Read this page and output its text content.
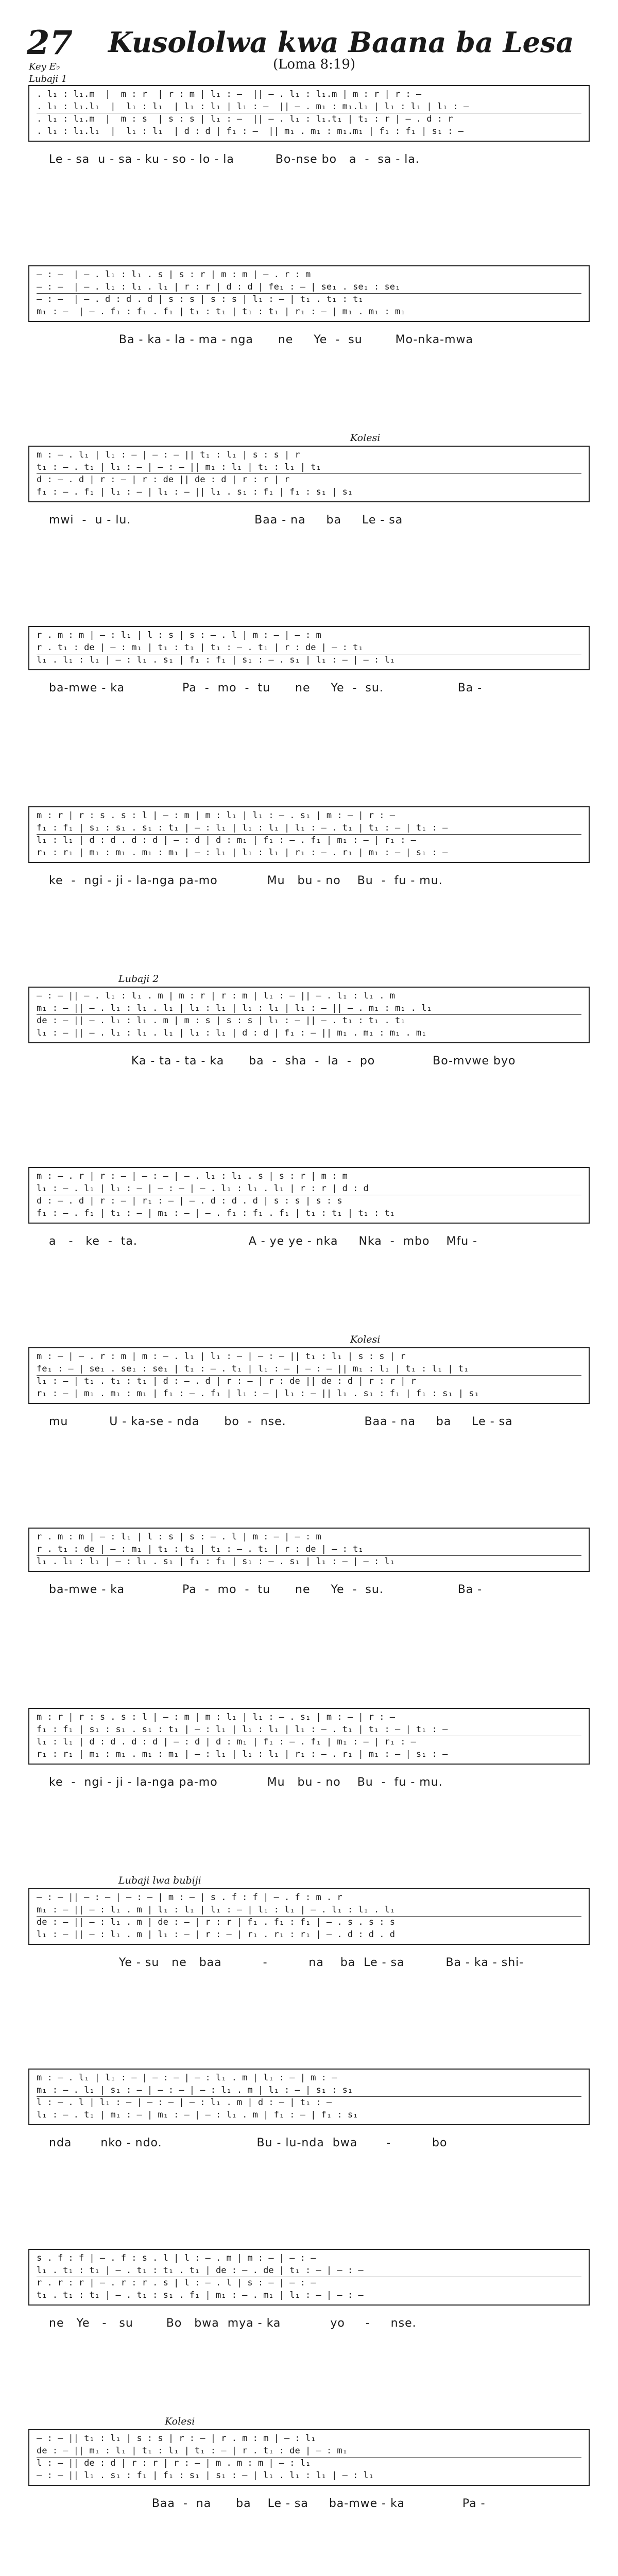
27 Kusololwa kwa Baana ba Lesa
(Loma 8:19)
Key E♭
Lubaji 1
. l₁ : l₁.m  |  m : r  | r : m | l₁ : —  || — . l₁ : l₁.m | m : r | r : —
. l₁ : l₁.l₁  |  l₁ : l₁  | l₁ : l₁ | l₁ : —  || — . m₁ : m₁.l₁ | l₁ : l₁ | l₁ : —
. l₁ : l₁.m  |  m : s  | s : s | l₁ : —  || — . l₁ : l₁.t₁ | t₁ : r | — . d : r
. l₁ : l₁.l₁  |  l₁ : l₁  | d : d | f₁ : —  || m₁ . m₁ : m₁.m₁ | f₁ : f₁ | s₁ : —
Le - sa  u - sa - ku - so - lo - la          Bo-nse bo   a  -  sa - la.
— : —  | — . l₁ : l₁ . s | s : r | m : m | — . r : m
— : —  | — . l₁ : l₁ . l₁ | r : r | d : d | fe₁ : — | se₁ . se₁ : se₁
— : —  | — . d : d . d | s : s | s : s | l₁ : — | t₁ . t₁ : t₁
m₁ : —  | — . f₁ : f₁ . f₁ | t₁ : t₁ | t₁ : t₁ | r₁ : — | m₁ . m₁ : m₁
Ba - ka - la - ma - nga      ne     Ye  -  su        Mo-nka-mwa
Kolesi
m : — . l₁ | l₁ : — | — : — || t₁ : l₁ | s : s | r
t₁ : — . t₁ | l₁ : — | — : — || m₁ : l₁ | t₁ : l₁ | t₁
d : — . d | r : — | r : de || de : d | r : r | r
f₁ : — . f₁ | l₁ : — | l₁ : — || l₁ . s₁ : f₁ | f₁ : s₁ | s₁
mwi  -  u - lu.                              Baa - na     ba     Le - sa
r . m : m | — : l₁ | l : s | s : — . l | m : — | — : m
r . t₁ : de | — : m₁ | t₁ : t₁ | t₁ : — . t₁ | r : de | — : t₁
l₁ . l₁ : l₁ | — : l₁ . s₁ | f₁ : f₁ | s₁ : — . s₁ | l₁ : — | — : l₁
ba-mwe - ka              Pa  -  mo  -  tu      ne     Ye  -  su.                  Ba -
m : r | r : s . s : l | — : m | m : l₁ | l₁ : — . s₁ | m : — | r : —
f₁ : f₁ | s₁ : s₁ . s₁ : t₁ | — : l₁ | l₁ : l₁ | l₁ : — . t₁ | t₁ : — | t₁ : —
l₁ : l₁ | d : d . d : d | — : d | d : m₁ | f₁ : — . f₁ | m₁ : — | r₁ : —
r₁ : r₁ | m₁ : m₁ . m₁ : m₁ | — : l₁ | l₁ : l₁ | r₁ : — . r₁ | m₁ : — | s₁ : —
ke  -  ngi - ji - la-nga pa-mo            Mu   bu - no    Bu  -  fu - mu.
Lubaji 2
— : — || — . l₁ : l₁ . m | m : r | r : m | l₁ : — || — . l₁ : l₁ . m
m₁ : — || — . l₁ : l₁ . l₁ | l₁ : l₁ | l₁ : l₁ | l₁ : — || — . m₁ : m₁ . l₁
de : — || — . l₁ : l₁ . m | m : s | s : s | l₁ : — || — . t₁ : t₁ . t₁
l₁ : — || — . l₁ : l₁ . l₁ | l₁ : l₁ | d : d | f₁ : — || m₁ . m₁ : m₁ . m₁
Ka - ta - ta - ka      ba  -  sha  -  la  -  po              Bo-mvwe byo
m : — . r | r : — | — : — | — . l₁ : l₁ . s | s : r | m : m
l₁ : — . l₁ | l₁ : — | — : — | — . l₁ : l₁ . l₁ | r : r | d : d
d : — . d | r : — | r₁ : — | — . d : d . d | s : s | s : s
f₁ : — . f₁ | t₁ : — | m₁ : — | — . f₁ : f₁ . f₁ | t₁ : t₁ | t₁ : t₁
a   -   ke  -  ta.                           A - ye ye - nka     Nka  -  mbo    Mfu -
Kolesi
m : — | — . r : m | m : — . l₁ | l₁ : — | — : — || t₁ : l₁ | s : s | r
fe₁ : — | se₁ . se₁ : se₁ | t₁ : — . t₁ | l₁ : — | — : — || m₁ : l₁ | t₁ : l₁ | t₁
l₁ : — | t₁ . t₁ : t₁ | d : — . d | r : — | r : de || de : d | r : r | r
r₁ : — | m₁ . m₁ : m₁ | f₁ : — . f₁ | l₁ : — | l₁ : — || l₁ . s₁ : f₁ | f₁ : s₁ | s₁
mu          U - ka-se - nda      bo  -  nse.                   Baa - na     ba     Le - sa
r . m : m | — : l₁ | l : s | s : — . l | m : — | — : m
r . t₁ : de | — : m₁ | t₁ : t₁ | t₁ : — . t₁ | r : de | — : t₁
l₁ . l₁ : l₁ | — : l₁ . s₁ | f₁ : f₁ | s₁ : — . s₁ | l₁ : — | — : l₁
ba-mwe - ka              Pa  -  mo  -  tu      ne     Ye  -  su.                  Ba -
m : r | r : s . s : l | — : m | m : l₁ | l₁ : — . s₁ | m : — | r : —
f₁ : f₁ | s₁ : s₁ . s₁ : t₁ | — : l₁ | l₁ : l₁ | l₁ : — . t₁ | t₁ : — | t₁ : —
l₁ : l₁ | d : d . d : d | — : d | d : m₁ | f₁ : — . f₁ | m₁ : — | r₁ : —
r₁ : r₁ | m₁ : m₁ . m₁ : m₁ | — : l₁ | l₁ : l₁ | r₁ : — . r₁ | m₁ : — | s₁ : —
ke  -  ngi - ji - la-nga pa-mo            Mu   bu - no    Bu  -  fu - mu.
Lubaji lwa bubiji
— : — || — : — | — : — | m : — | s . f : f | — . f : m . r
m₁ : — || — : l₁ . m | l₁ : l₁ | l₁ : — | l₁ : l₁ | — . l₁ : l₁ . l₁
de : — || — : l₁ . m | de : — | r : r | f₁ . f₁ : f₁ | — . s . s : s
l₁ : — || — : l₁ . m | l₁ : — | r : — | r₁ . r₁ : r₁ | — . d : d . d
Ye - su   ne   baa          -          na    ba  Le - sa          Ba - ka - shi-
m : — . l₁ | l₁ : — | — : — | — : l₁ . m | l₁ : — | m : —
m₁ : — . l₁ | s₁ : — | — : — | — : l₁ . m | l₁ : — | s₁ : s₁
l : — . l | l₁ : — | — : — | — : l₁ . m | d : — | t₁ : —
l₁ : — . t₁ | m₁ : — | m₁ : — | — : l₁ . m | f₁ : — | f₁ : s₁
nda       nko - ndo.                       Bu - lu-nda  bwa       -          bo
s . f : f | — . f : s . l | l : — . m | m : — | — : —
l₁ . t₁ : t₁ | — . t₁ : t₁ . t₁ | de : — . de | t₁ : — | — : —
r . r : r | — . r : r . s | l : — . l | s : — | — : —
t₁ . t₁ : t₁ | — . t₁ : s₁ . f₁ | m₁ : — . m₁ | l₁ : — | — : —
ne   Ye   -   su        Bo   bwa  mya - ka            yo     -     nse.
Kolesi
— : — || t₁ : l₁ | s : s | r : — | r . m : m | — : l₁
de : — || m₁ : l₁ | t₁ : l₁ | t₁ : — | r . t₁ : de | — : m₁
l : — || de : d | r : r | r : — | m . m : m | — : l₁
— : — || l₁ . s₁ : f₁ | f₁ : s₁ | s₁ : — | l₁ . l₁ : l₁ | — : l₁
Baa  -  na      ba    Le - sa     ba-mwe - ka              Pa -
